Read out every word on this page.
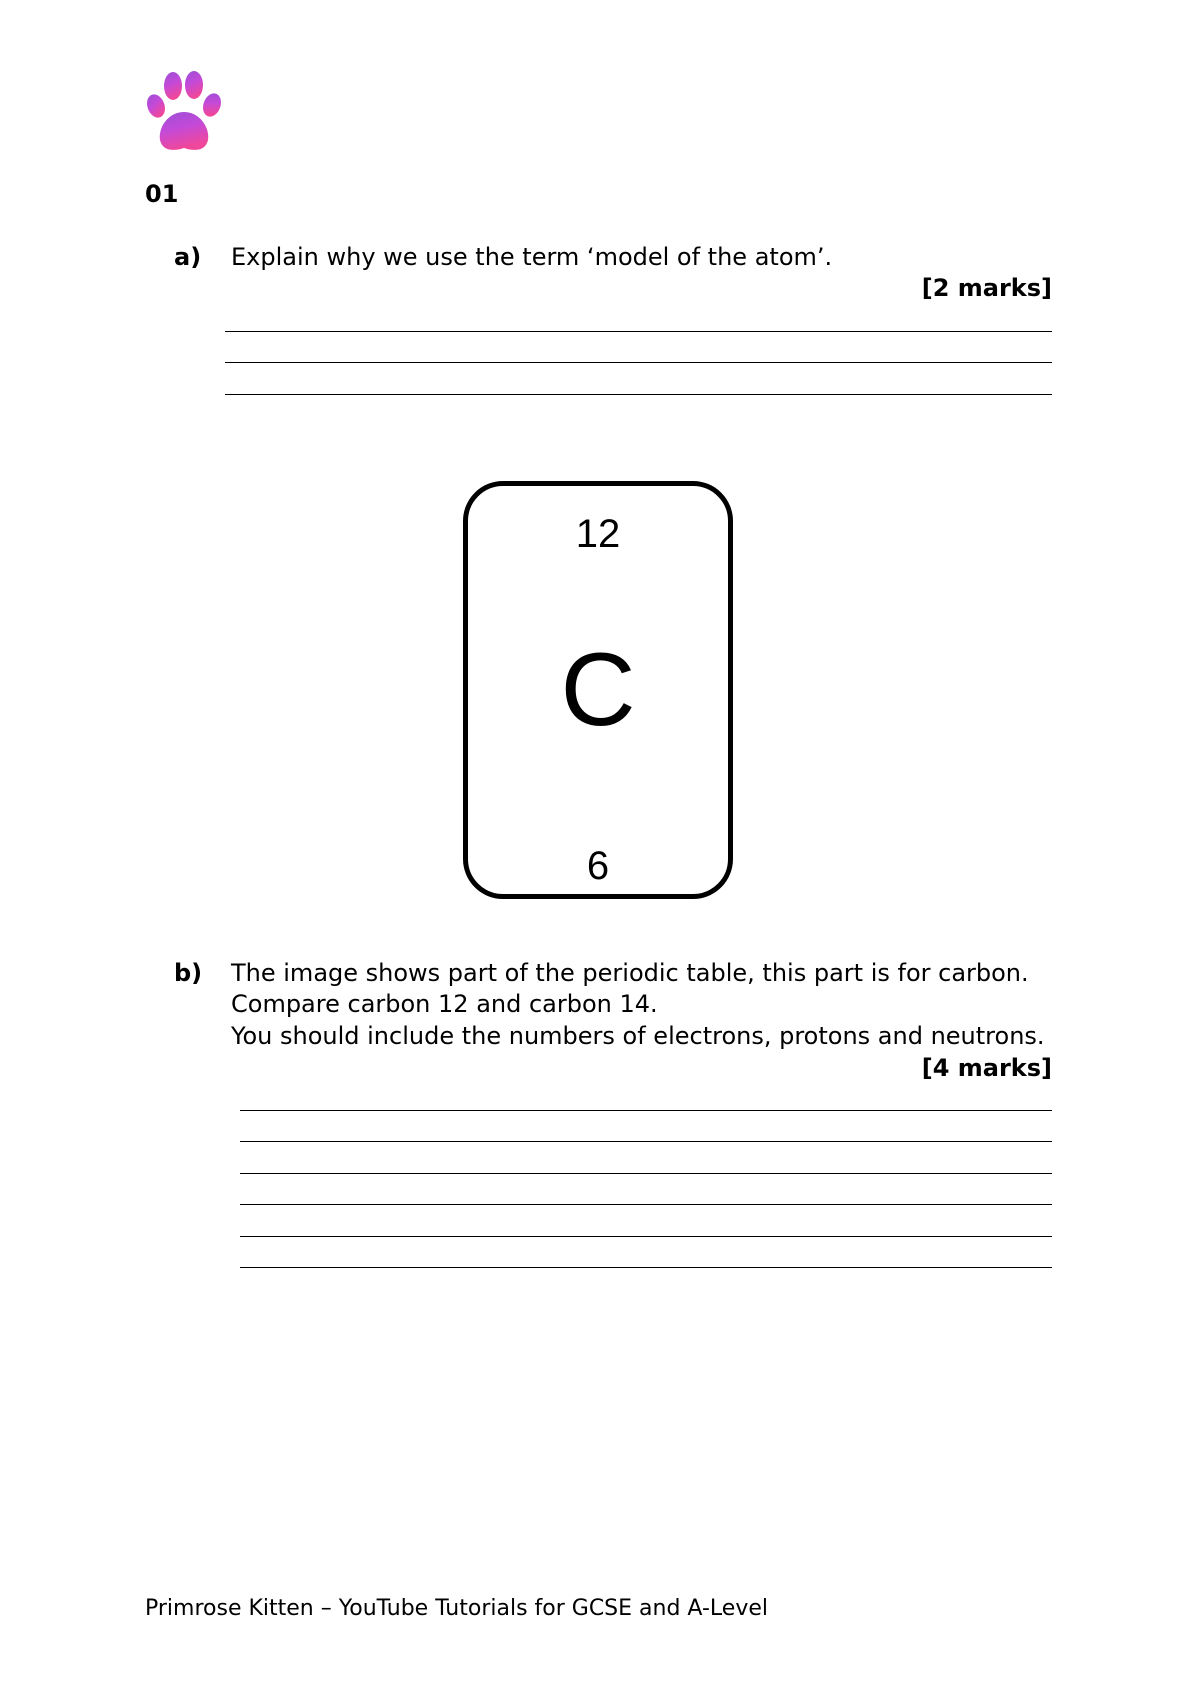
01
a) Explain why we use the term ‘model of the atom’.
[2 marks]
12
C
6
b) The image shows part of the periodic table, this part is for carbon.
Compare carbon 12 and carbon 14.
You should include the numbers of electrons, protons and neutrons.
[4 marks]
Primrose Kitten – YouTube Tutorials for GCSE and A-Level
